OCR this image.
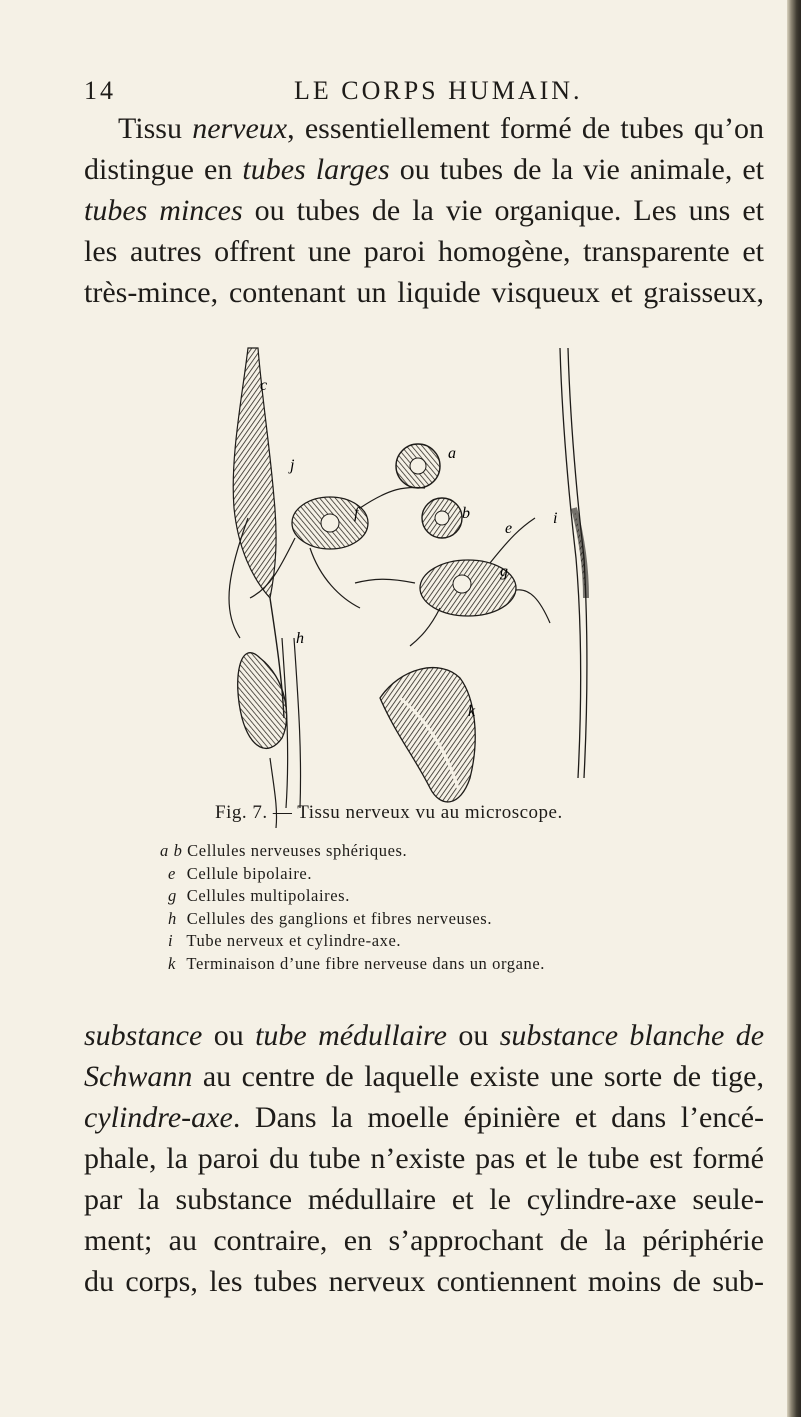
14	LE CORPS HUMAIN.
Tissu nerveux, essentiellement formé de tubes qu’on
distingue en tubes larges ou tubes de la vie animale, et
tubes minces ou tubes de la vie organique. Les uns et
les autres offrent une paroi homogène, transparente et
très-mince, contenant un liquide visqueux et graisseux,
c
j
a
f	b
e
i
g
h
k
Fig. 7. — Tissu nerveux vu au microscope.
a b Cellules nerveuses sphériques.
e Cellule bipolaire.
g Cellules multipolaires.
h Cellules des ganglions et fibres nerveuses.
i Tube nerveux et cylindre-axe.
k Terminaison d’une fibre nerveuse dans un organe.
substance ou tube médullaire ou substance blanche de
Schwann au centre de laquelle existe une sorte de tige,
cylindre-axe. Dans la moelle épinière et dans l’encé-
phale, la paroi du tube n’existe pas et le tube est formé
par la substance médullaire et le cylindre-axe seule-
ment; au contraire, en s’approchant de la périphérie
du corps, les tubes nerveux contiennent moins de sub-
